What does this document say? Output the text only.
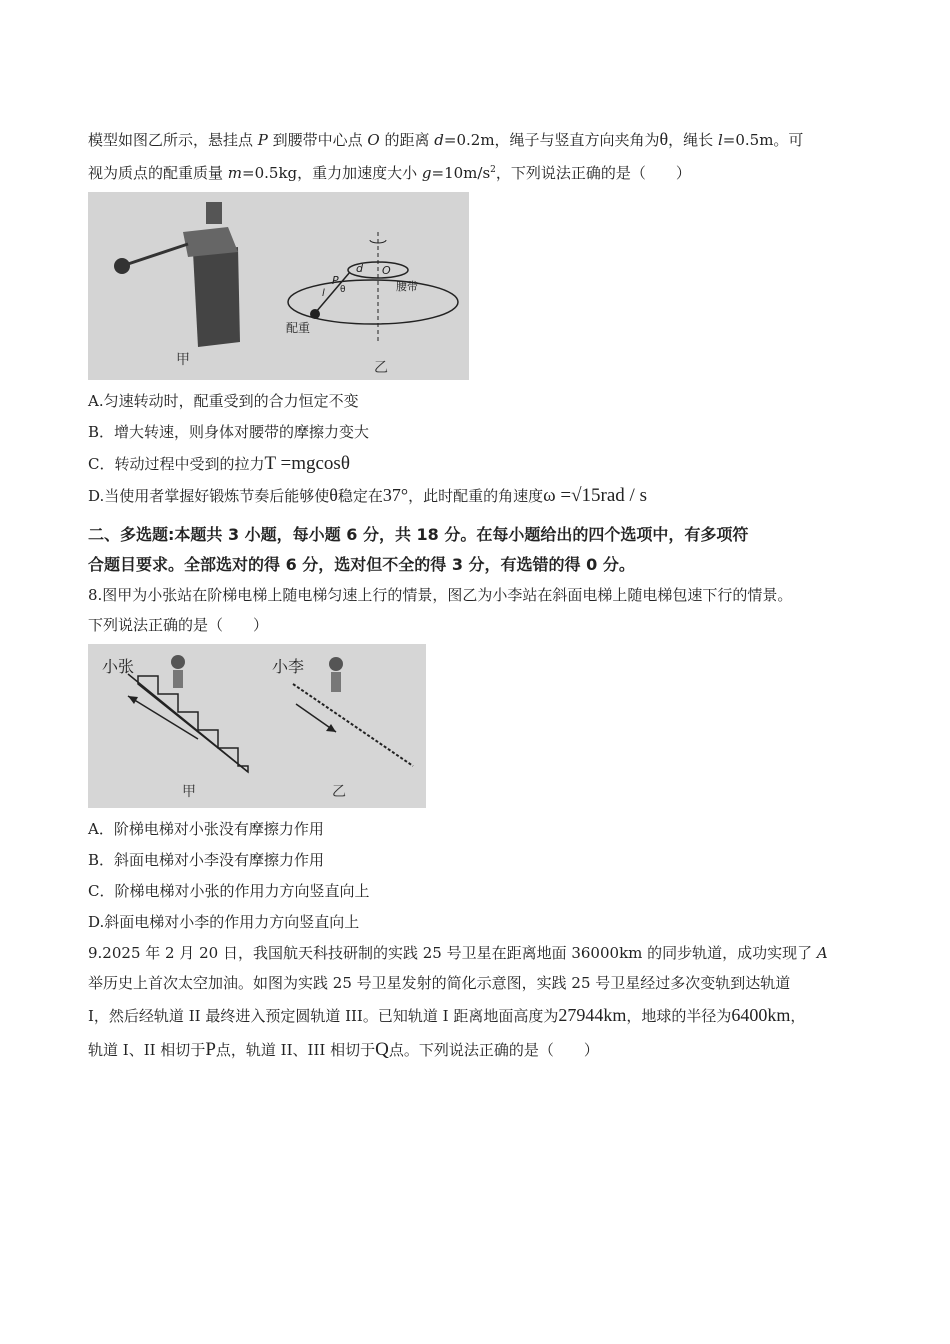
模型如图乙所示，悬挂点 P 到腰带中心点 O 的距离 d=0.2m，绳子与竖直方向夹角为θ，绳长 l=0.5m。可
视为质点的配重质量 m=0.5kg，重力加速度大小 $g=10m/s^2$，下列说法正确的是（　　）
甲
d O
P
l θ	腰带
配重
乙
A.匀速转动时，配重受到的合力恒定不变
B．增大转速，则身体对腰带的摩擦力变大
C．转动过程中受到的拉力T =mgcosθ
D.当使用者掌握好锻炼节奏后能够使θ稳定在37°，此时配重的角速度ω =√15rad / s
二、多选题:本题共 3 小题，每小题 6 分，共 18 分。在每小题给出的四个选项中，有多项符
合题目要求。全部选对的得 6 分，选对但不全的得 3 分，有选错的得 0 分。
8.图甲为小张站在阶梯电梯上随电梯匀速上行的情景，图乙为小李站在斜面电梯上随电梯包速下行的情景。
下列说法正确的是（　　）
小张	小李
甲	乙
A．阶梯电梯对小张没有摩擦力作用
B．斜面电梯对小李没有摩擦力作用
C．阶梯电梯对小张的作用力方向竖直向上
D.斜面电梯对小李的作用力方向竖直向上
9.2025 年 2 月 20 日，我国航天科技研制的实践 25 号卫星在距离地面 36000km 的同步轨道，成功实现了 A
举历史上首次太空加油。如图为实践 25 号卫星发射的简化示意图，实践 25 号卫星经过多次变轨到达轨道
I，然后经轨道 II 最终进入预定圆轨道 III。已知轨道 I 距离地面高度为27944km，地球的半径为6400km，
轨道 I、II 相切于P点，轨道 II、III 相切于Q点。下列说法正确的是（　　）
